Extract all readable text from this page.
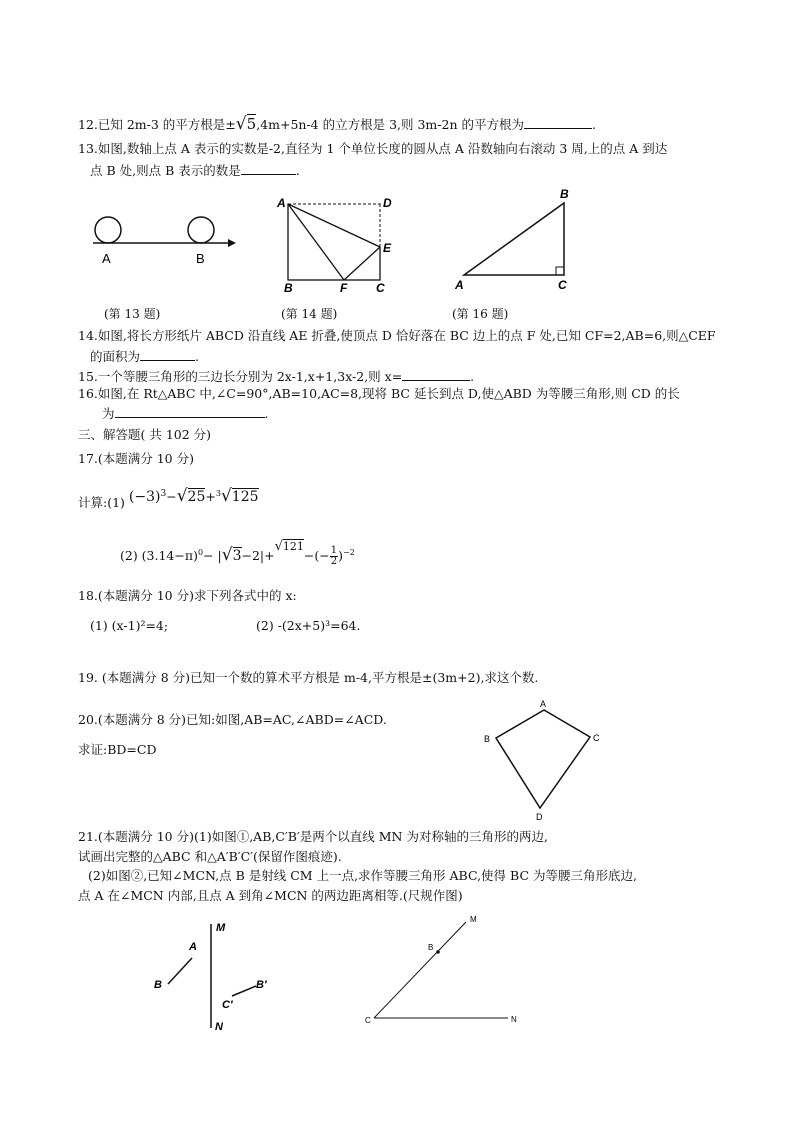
12.已知 2m-3 的平方根是±√5,4m+5n-4 的立方根是 3,则 3m-2n 的平方根为	.
13.如图,数轴上点 A 表示的实数是-2,直径为 1 个单位长度的圆从点 A 沿数轴向右滚动 3 周,上的点 A 到达
点 B 处,则点 B 表示的数是	.
A	B
(第 13 题)
A	D
E
B	F C
(第 14 题)
B
A	C
(第 16 题)
14.如图,将长方形纸片 ABCD 沿直线 AE 折叠,使顶点 D 恰好落在 BC 边上的点 F 处,已知 CF=2,AB=6,则△CEF
的面积为	.
15.一个等腰三角形的三边长分别为 2x-1,x+1,3x-2,则 x=	.
16.如图,在 Rt△ABC 中,∠C=90°,AB=10,AC=8,现将 BC 延长到点 D,使△ABD 为等腰三角形,则 CD 的长
为	.
三、解答题( 共 102 分)
17.(本题满分 10 分)
计算:(1) $(-3)^3-√25+^3√125$
(2) $(3.14-\pi)^0- |√3-2|+√121-(- \frac{1}{2} )^{-2}$
18.(本题满分 10 分)求下列各式中的 x:
(1) (x-1)²=4;	(2) -(2x+5)³=64.
19. (本题满分 8 分)已知一个数的算术平方根是 m-4,平方根是±(3m+2),求这个数.
20.(本题满分 8 分)已知:如图,AB=AC,∠ABD=∠ACD.
求证:BD=CD
A
B	C
D
21.(本题满分 10 分)(1)如图①,AB,C′B′是两个以直线 MN 为对称轴的三角形的两边,
试画出完整的△ABC 和△A′B′C′(保留作图痕迹).
(2)如图②,已知∠MCN,点 B 是射线 CM 上一点,求作等腰三角形 ABC,使得 BC 为等腰三角形底边,
点 A 在∠MCN 内部,且点 A 到角∠MCN 的两边距离相等.(尺规作图)
M
A
B
C′
B′
N
M
B
C	N
